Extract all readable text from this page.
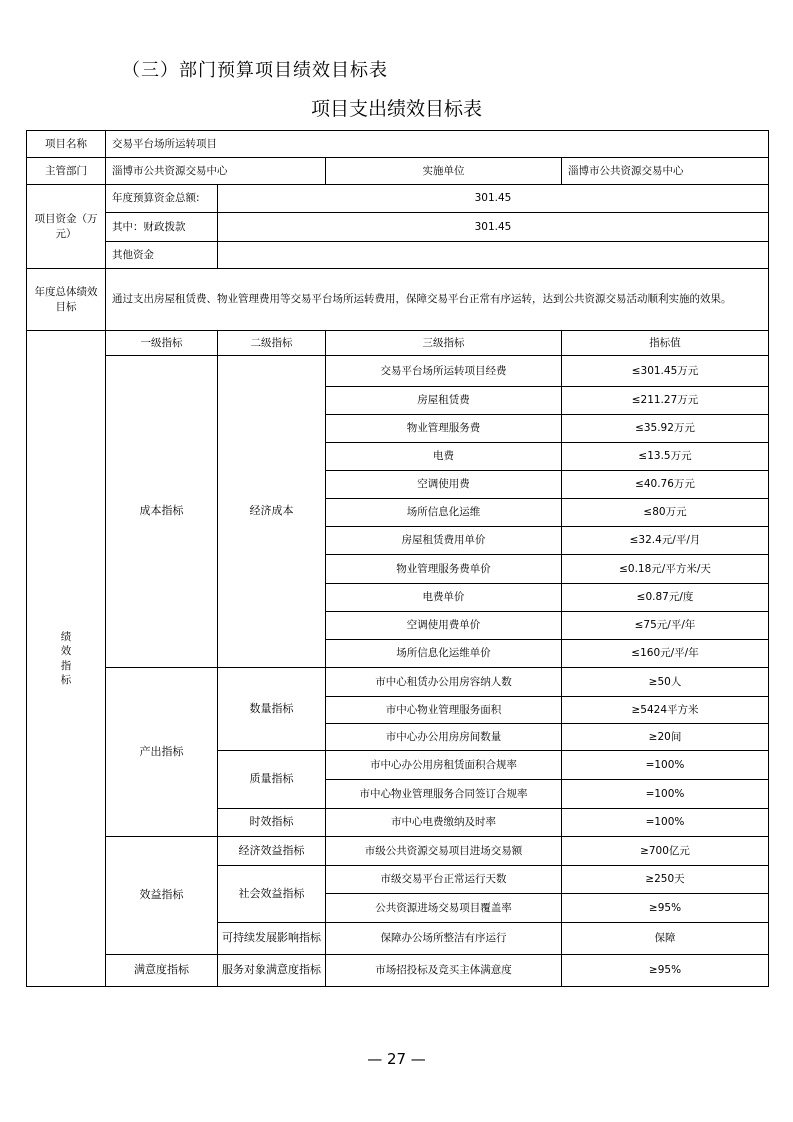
（三）部门预算项目绩效目标表
项目支出绩效目标表
项目名称	交易平台场所运转项目			
主管部门	淄博市公共资源交易中心		实施单位	淄博市公共资源交易中心
项目资金（万元）	年度预算资金总额:	301.45		
	其中：财政拨款	301.45		
	其他资金			
年度总体绩效目标	通过支出房屋租赁费、物业管理费用等交易平台场所运转费用，保障交易平台正常有序运转，达到公共资源交易活动顺利实施的效果。			
绩效指标	一级指标	二级指标	三级指标	指标值
	成本指标	经济成本	交易平台场所运转项目经费	≤301.45万元
			房屋租赁费	≤211.27万元
			物业管理服务费	≤35.92万元
			电费	≤13.5万元
			空调使用费	≤40.76万元
			场所信息化运维	≤80万元
			房屋租赁费用单价	≤32.4元/平/月
			物业管理服务费单价	≤0.18元/平方米/天
			电费单价	≤0.87元/度
			空调使用费单价	≤75元/平/年
			场所信息化运维单价	≤160元/平/年
	产出指标	数量指标	市中心租赁办公用房容纳人数	≥50人
			市中心物业管理服务面积	≥5424平方米
			市中心办公用房房间数量	≥20间
		质量指标	市中心办公用房租赁面积合规率	=100%
			市中心物业管理服务合同签订合规率	=100%
		时效指标	市中心电费缴纳及时率	=100%
	效益指标	经济效益指标	市级公共资源交易项目进场交易额	≥700亿元
		社会效益指标	市级交易平台正常运行天数	≥250天
			公共资源进场交易项目覆盖率	≥95%
		可持续发展影响指标	保障办公场所整洁有序运行	保障
	满意度指标	服务对象满意度指标	市场招投标及竞买主体满意度	≥95%
— 27 —
